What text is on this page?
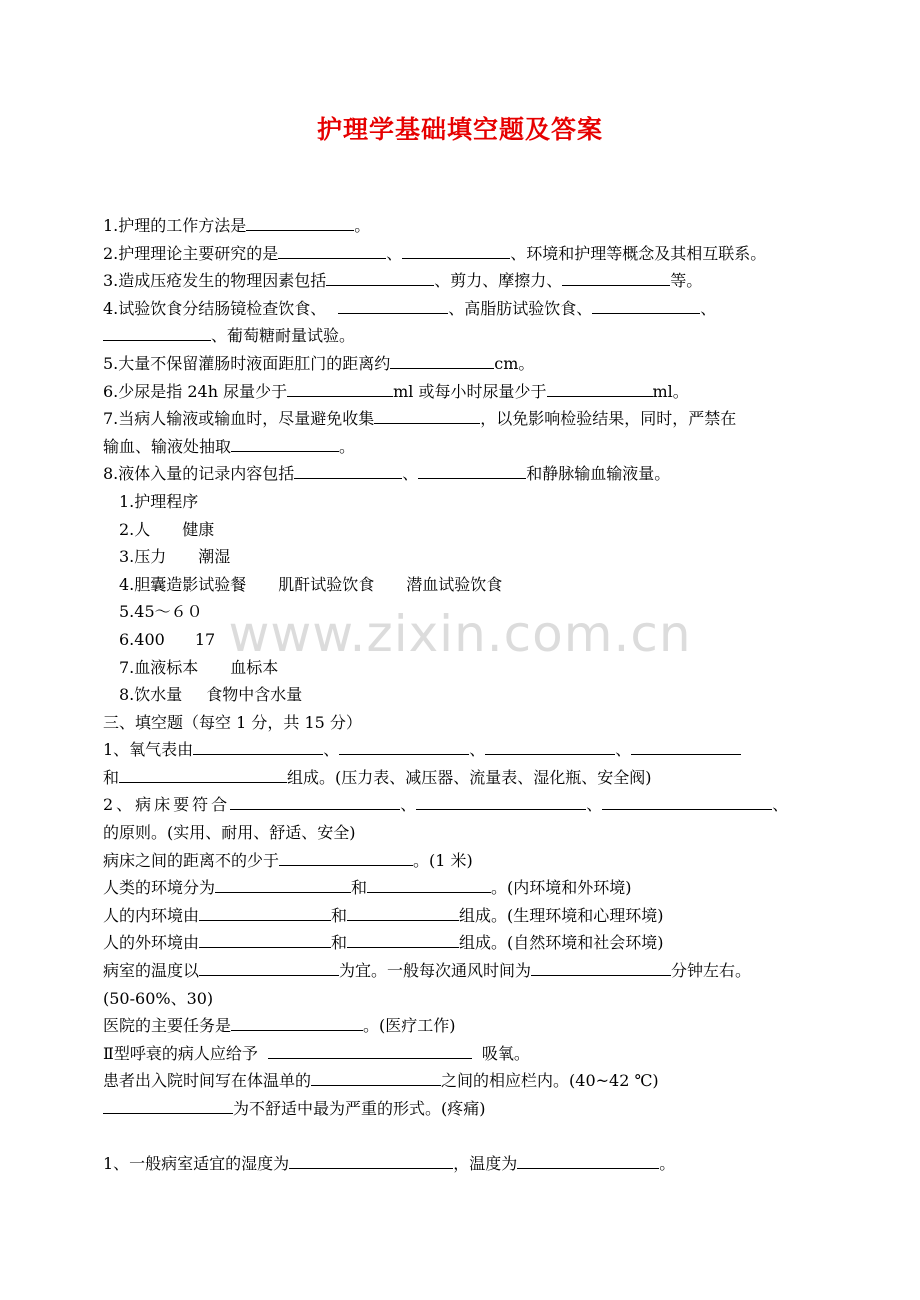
护理学基础填空题及答案
www.zixin.com.cn
1.护理的工作方法是	。
2.护理理论主要研究的是	、	、环境和护理等概念及其相互联系。
3.造成压疮发生的物理因素包括	、剪力、摩擦力、	等。
4.试验饮食分结肠镜检查饮食、	、高脂肪试验饮食、	、
、葡萄糖耐量试验。
5.大量不保留灌肠时液面距肛门的距离约	cm。
6.少尿是指 24h 尿量少于	ml 或每小时尿量少于	ml。
7.当病人输液或输血时，尽量避免收集	，以免影响检验结果，同时，严禁在
输血、输液处抽取	。
8.液体入量的记录内容包括	、	和静脉输血输液量。
1.护理程序
2.人 健康
3.压力 潮湿
4.胆囊造影试验餐 肌酐试验饮食 潜血试验饮食
5.45～６０
6.400 17
7.血液标本 血标本
8.饮水量 食物中含水量
三、填空题（每空 1 分，共 15 分）
1、氧气表由	、	、	、
和	组成。(压力表、减压器、流量表、湿化瓶、安全阀)
2、病床要符合	、	、	、
的原则。(实用、耐用、舒适、安全)
病床之间的距离不的少于	。(1 米)
人类的环境分为	和	。(内环境和外环境)
人的内环境由	和	组成。(生理环境和心理环境)
人的外环境由	和	组成。(自然环境和社会环境)
病室的温度以	为宜。一般每次通风时间为	分钟左右。
(50-60%、30)
医院的主要任务是	。(医疗工作)
Ⅱ型呼衰的病人应给予	吸氧。
患者出入院时间写在体温单的	之间的相应栏内。(40~42 ℃)
为不舒适中最为严重的形式。(疼痛)
1、一般病室适宜的湿度为	，温度为	。
